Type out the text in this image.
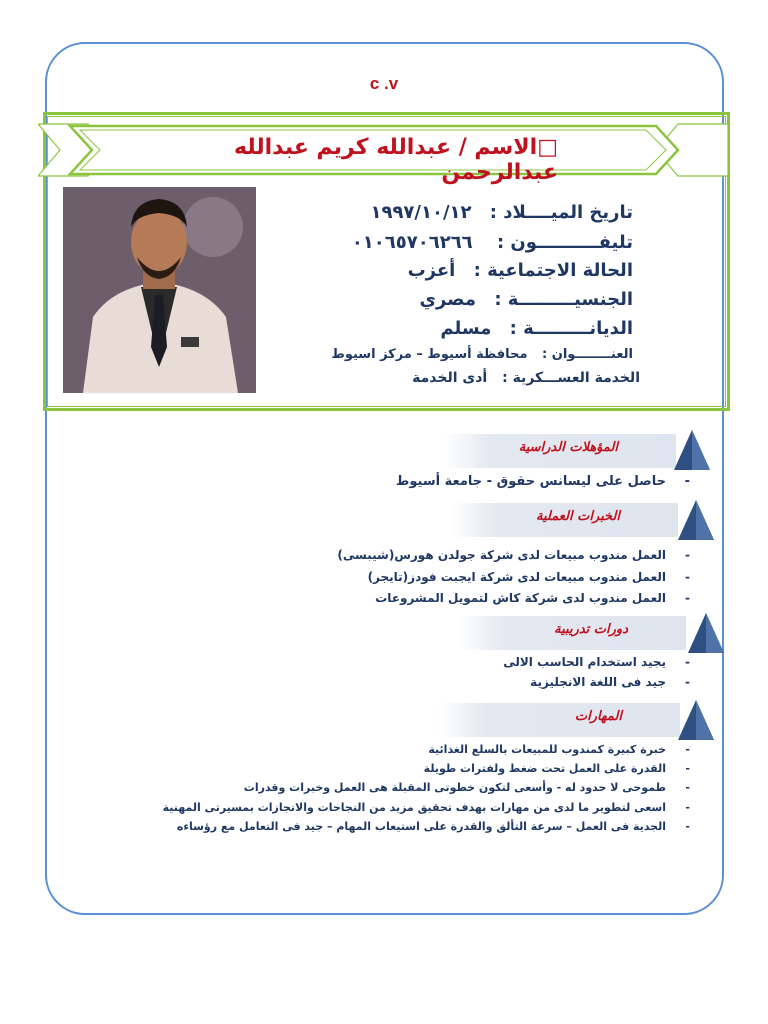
c .v
□الاسم / عبدالله كريم عبدالله عبدالرحمن
تاريخ الميــــلاد : ١٩٩٧/١٠/١٢
تليفــــــــــون : ٠١٠٦٥٧٠٦٢٦٦
الحالة الاجتماعية : أعزب
الجنسيـــــــــة : مصري
الديانـــــــــة : مسلم
العنــــــــوان : محافظة أسيوط – مركز اسيوط
الخدمة العســـكرية : أدى الخدمة
المؤهلات الدراسية
-
حاصل على ليسانس حقوق - جامعة أسيوط
الخبرات العملية
-
العمل مندوب مبيعات لدى شركة جولدن هورس(شيبسى)
-
العمل مندوب مبيعات لدى شركة ايجبت فودز(تايجر)
-
العمل مندوب لدى شركة كاش لتمويل المشروعات
دورات تدريبية
-
يجيد استخدام الحاسب الالى
-
جيد فى اللغة الانجليزية
المهارات
-
خبرة كبيرة كمندوب للمبيعات بالسلع الغذائية
-
القدرة على العمل تحت ضغط ولفترات طويلة
-
طموحى لا حدود له - وأسعى لتكون خطوتى المقبلة هى العمل وخبرات وقدرات
-
اسعى لتطوير ما لدى من مهارات بهدف تحقيق مزيد من النجاحات والانجازات بمسيرتى المهنية
-
الجدية فى العمل – سرعة التألق والقدرة على استيعاب المهام – جيد فى التعامل مع رؤساءه
